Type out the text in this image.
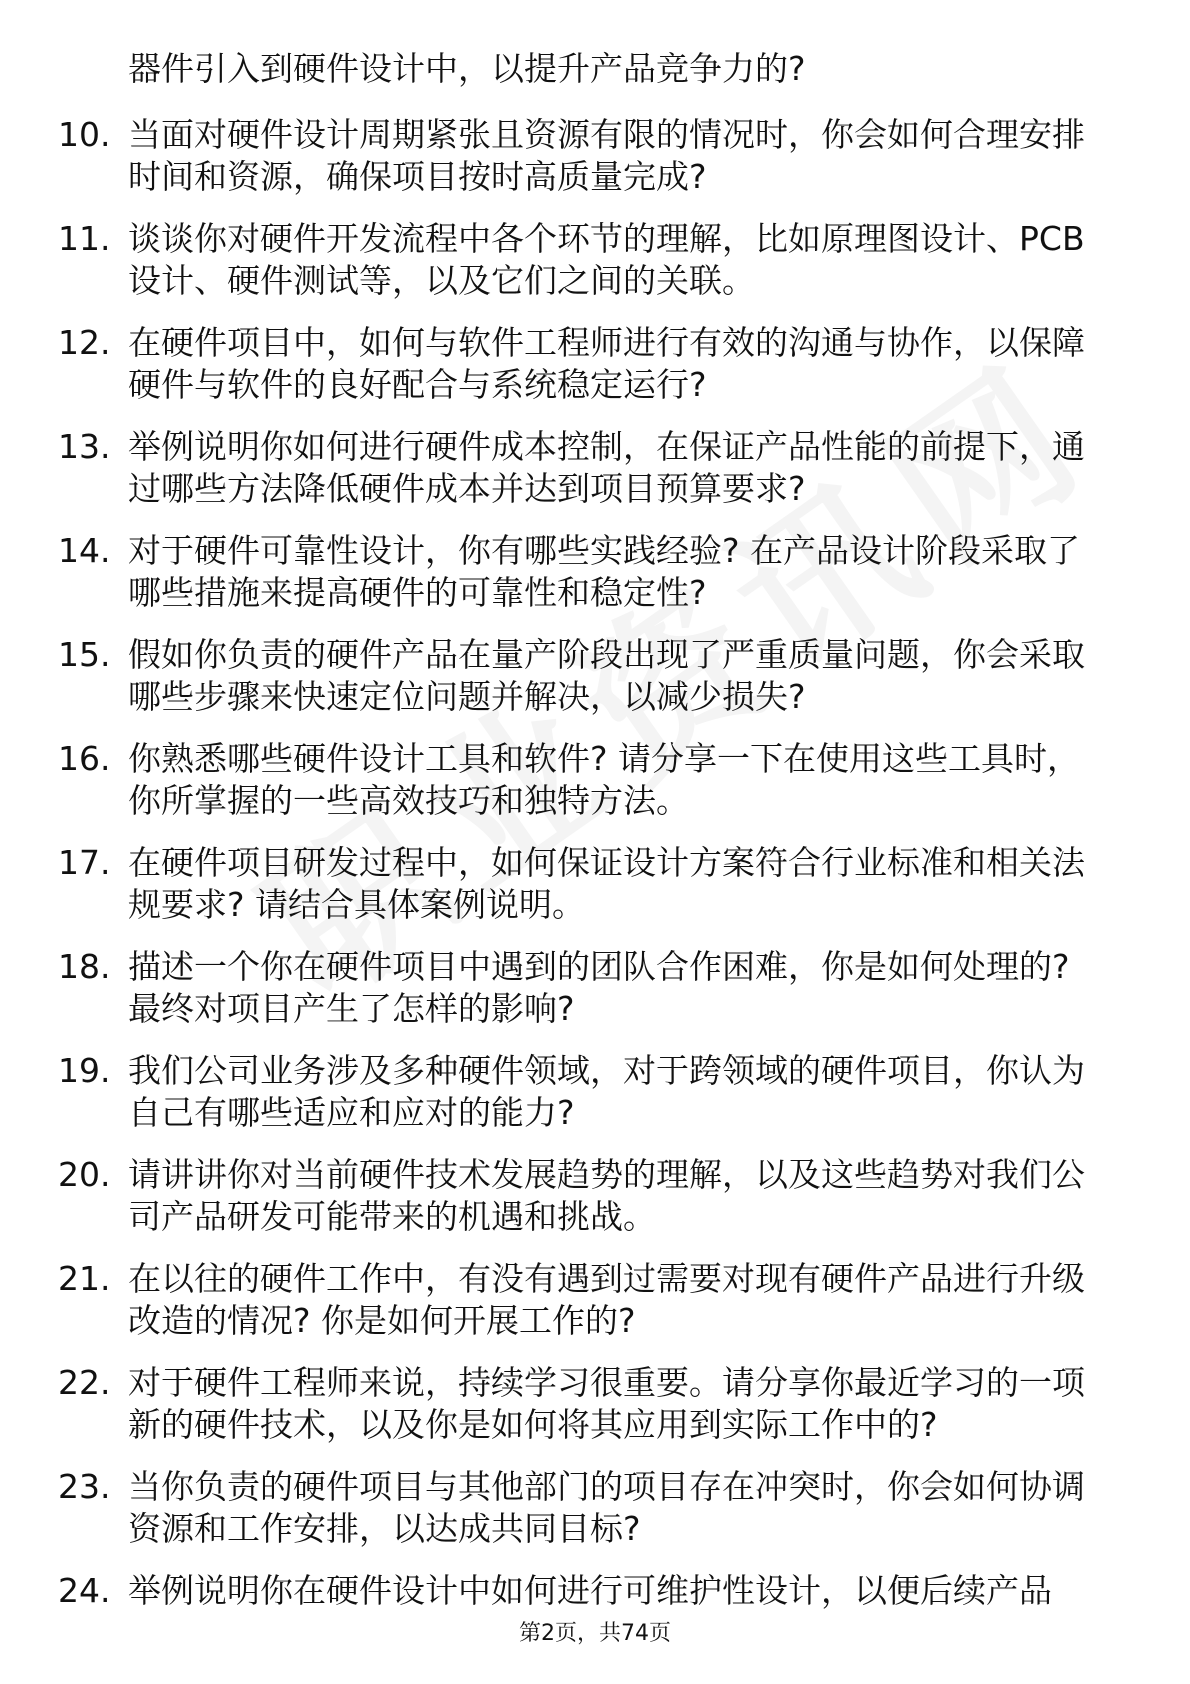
器件引入到硬件设计中，以提升产品竞争力的?

10. 当面对硬件设计周期紧张且资源有限的情况时，你会如何合理安排时间和资源，确保项目按时高质量完成?

11. 谈谈你对硬件开发流程中各个环节的理解，比如原理图设计、PCB 设计、硬件测试等，以及它们之间的关联。

12. 在硬件项目中，如何与软件工程师进行有效的沟通与协作，以保障硬件与软件的良好配合与系统稳定运行?

13. 举例说明你如何进行硬件成本控制，在保证产品性能的前提下，通过哪些方法降低硬件成本并达到项目预算要求?

14. 对于硬件可靠性设计，你有哪些实践经验? 在产品设计阶段采取了哪些措施来提高硬件的可靠性和稳定性?

15. 假如你负责的硬件产品在量产阶段出现了严重质量问题，你会采取哪些步骤来快速定位问题并解决，以减少损失?

16. 你熟悉哪些硬件设计工具和软件? 请分享一下在使用这些工具时，你所掌握的一些高效技巧和独特方法。

17. 在硬件项目研发过程中，如何保证设计方案符合行业标准和相关法规要求? 请结合具体案例说明。

18. 描述一个你在硬件项目中遇到的团队合作困难，你是如何处理的? 最终对项目产生了怎样的影响?

19. 我们公司业务涉及多种硬件领域，对于跨领域的硬件项目，你认为自己有哪些适应和应对的能力?

20. 请讲讲你对当前硬件技术发展趋势的理解，以及这些趋势对我们公司产品研发可能带来的机遇和挑战。

21. 在以往的硬件工作中，有没有遇到过需要对现有硬件产品进行升级改造的情况? 你是如何开展工作的?

22. 对于硬件工程师来说，持续学习很重要。请分享你最近学习的一项新的硬件技术，以及你是如何将其应用到实际工作中的?

23. 当你负责的硬件项目与其他部门的项目存在冲突时，你会如何协调资源和工作安排，以达成共同目标?

24. 举例说明你在硬件设计中如何进行可维护性设计，以便后续产品

第2页，共74页
